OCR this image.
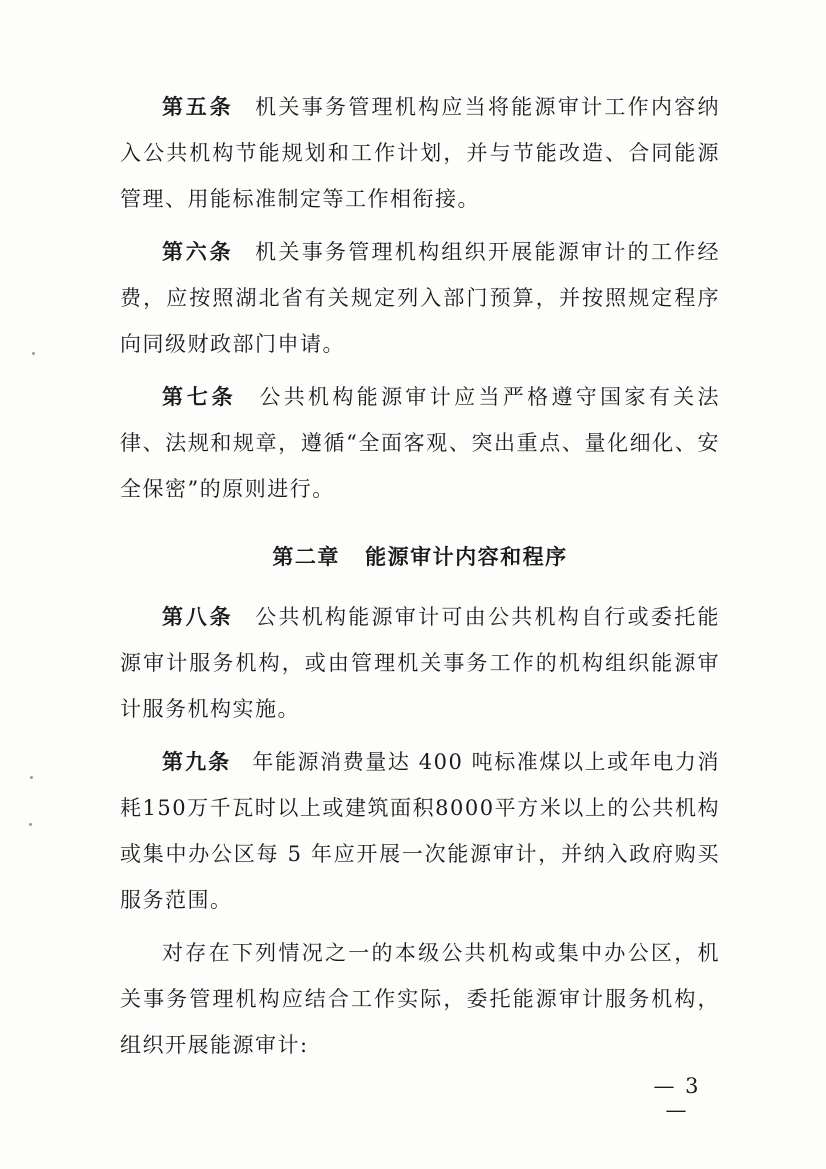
第五条 机关事务管理机构应当将能源审计工作内容纳入公共机构节能规划和工作计划，并与节能改造、合同能源管理、用能标准制定等工作相衔接。

第六条 机关事务管理机构组织开展能源审计的工作经费，应按照湖北省有关规定列入部门预算，并按照规定程序向同级财政部门申请。

第七条 公共机构能源审计应当严格遵守国家有关法律、法规和规章，遵循“全面客观、突出重点、量化细化、安全保密”的原则进行。

第二章 能源审计内容和程序

第八条 公共机构能源审计可由公共机构自行或委托能源审计服务机构，或由管理机关事务工作的机构组织能源审计服务机构实施。

第九条 年能源消费量达 400 吨标准煤以上或年电力消耗150万千瓦时以上或建筑面积8000平方米以上的公共机构或集中办公区每 5 年应开展一次能源审计，并纳入政府购买服务范围。

对存在下列情况之一的本级公共机构或集中办公区，机关事务管理机构应结合工作实际，委托能源审计服务机构，组织开展能源审计:

— 3 —
